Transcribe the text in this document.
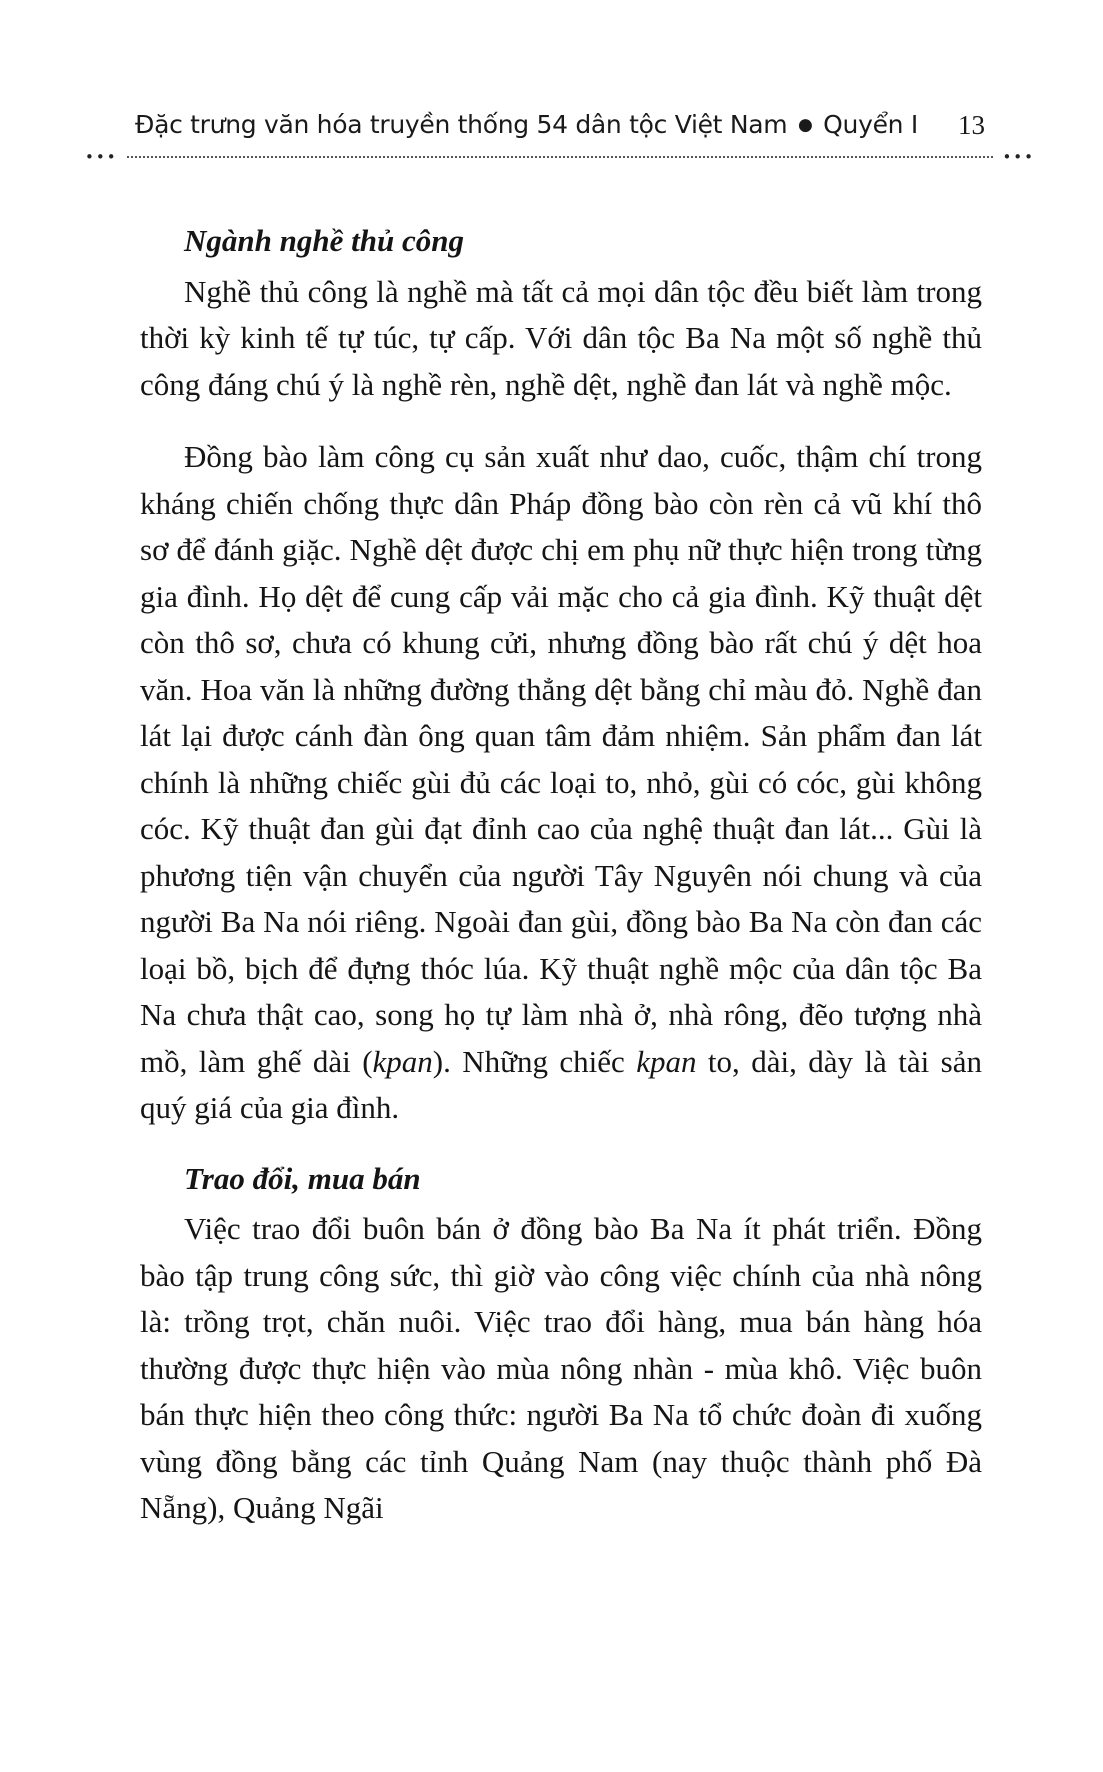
Đặc trưng văn hóa truyền thống 54 dân tộc Việt Nam ● Quyển I 13
•••	•••
Ngành nghề thủ công

Nghề thủ công là nghề mà tất cả mọi dân tộc đều biết làm trong thời kỳ kinh tế tự túc, tự cấp. Với dân tộc Ba Na một số nghề thủ công đáng chú ý là nghề rèn, nghề dệt, nghề đan lát và nghề mộc.

Đồng bào làm công cụ sản xuất như dao, cuốc, thậm chí trong kháng chiến chống thực dân Pháp đồng bào còn rèn cả vũ khí thô sơ để đánh giặc. Nghề dệt được chị em phụ nữ thực hiện trong từng gia đình. Họ dệt để cung cấp vải mặc cho cả gia đình. Kỹ thuật dệt còn thô sơ, chưa có khung cửi, nhưng đồng bào rất chú ý dệt hoa văn. Hoa văn là những đường thẳng dệt bằng chỉ màu đỏ. Nghề đan lát lại được cánh đàn ông quan tâm đảm nhiệm. Sản phẩm đan lát chính là những chiếc gùi đủ các loại to, nhỏ, gùi có cóc, gùi không cóc. Kỹ thuật đan gùi đạt đỉnh cao của nghệ thuật đan lát... Gùi là phương tiện vận chuyển của người Tây Nguyên nói chung và của người Ba Na nói riêng. Ngoài đan gùi, đồng bào Ba Na còn đan các loại bồ, bịch để đựng thóc lúa. Kỹ thuật nghề mộc của dân tộc Ba Na chưa thật cao, song họ tự làm nhà ở, nhà rông, đẽo tượng nhà mồ, làm ghế dài (kpan). Những chiếc kpan to, dài, dày là tài sản quý giá của gia đình.

Trao đổi, mua bán

Việc trao đổi buôn bán ở đồng bào Ba Na ít phát triển. Đồng bào tập trung công sức, thì giờ vào công việc chính của nhà nông là: trồng trọt, chăn nuôi. Việc trao đổi hàng, mua bán hàng hóa thường được thực hiện vào mùa nông nhàn - mùa khô. Việc buôn bán thực hiện theo công thức: người Ba Na tổ chức đoàn đi xuống vùng đồng bằng các tỉnh Quảng Nam (nay thuộc thành phố Đà Nẵng), Quảng Ngãi
